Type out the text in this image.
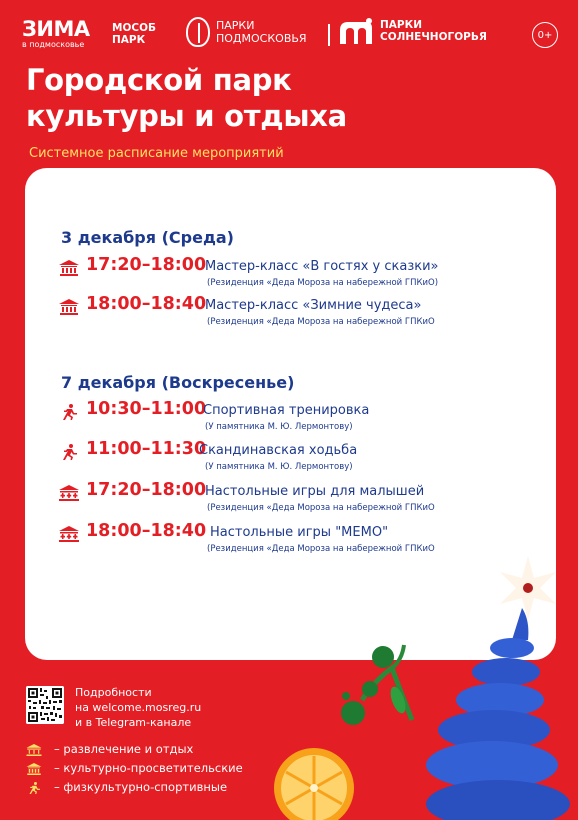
ЗИМА
в подмосковье
МОСОБ
ПАРК
ПАРКИ
ПОДМОСКОВЬЯ
ПАРКИ
СОЛНЕЧНОГОРЬЯ	0+
Городской парк
культуры и отдыха
Системное расписание мероприятий
3 декабря (Среда)
17:20–18:00
Мастер-класс «В гостях у сказки»
(Резиденция «Деда Мороза на набережной ГПКиО)
18:00–18:40
Мастер-класс «Зимние чудеса»
(Резиденция «Деда Мороза на набережной ГПКиО
7 декабря (Воскресенье)
10:30–11:00
Спортивная тренировка
(У памятника М. Ю. Лермонтову)
11:00–11:30
Скандинавская ходьба
(У памятника М. Ю. Лермонтову)
17:20–18:00
Настольные игры для малышей
(Резиденция «Деда Мороза на набережной ГПКиО
18:00–18:40 Настольные игры "МЕМО"
(Резиденция «Деда Мороза на набережной ГПКиО
Подробности
на welcome.mosreg.ru
и в Telegram-канале
– развлечение и отдых
– культурно-просветительские
– физкультурно-спортивные
